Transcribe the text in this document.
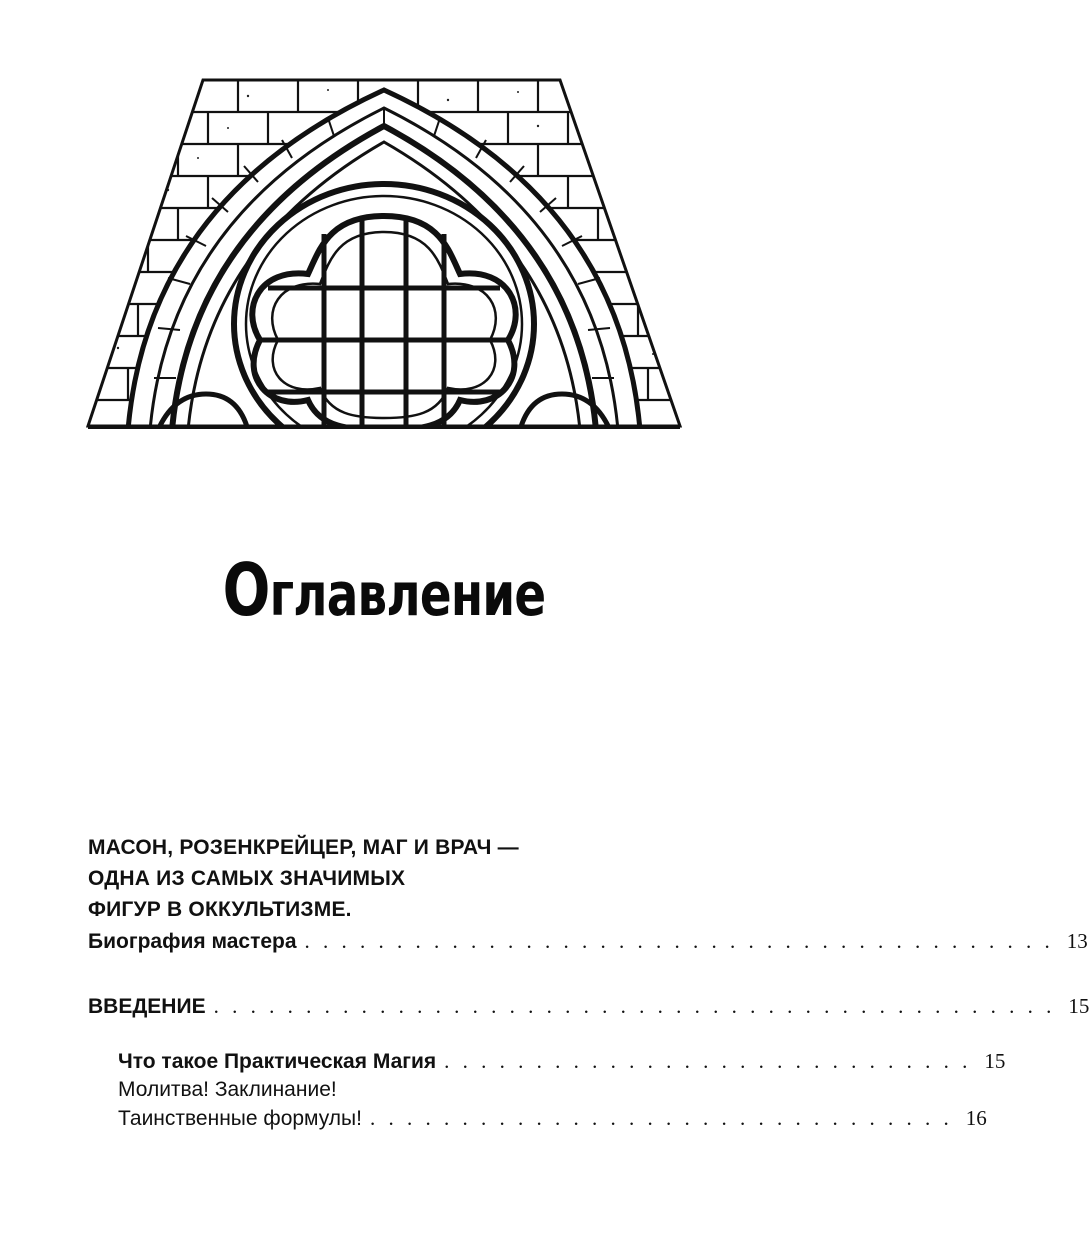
Оглавление
МАСОН, РОЗЕНКРЕЙЦЕР, МАГ И ВРАЧ —
ОДНА ИЗ САМЫХ ЗНАЧИМЫХ
ФИГУР В ОККУЛЬТИЗМЕ.
Биография мастера . . . . . . . . . . . . . . . . . . . . . . . . . . . . . . . . . . . . . . . . . 13
ВВЕДЕНИЕ . . . . . . . . . . . . . . . . . . . . . . . . . . . . . . . . . . . . . . . . . . . . . . 15
Что такое Практическая Магия . . . . . . . . . . . . . . . . . . . . . . . . . . . . . 15
Молитва! Заклинание!
Таинственные формулы! . . . . . . . . . . . . . . . . . . . . . . . . . . . . . . . . 16
